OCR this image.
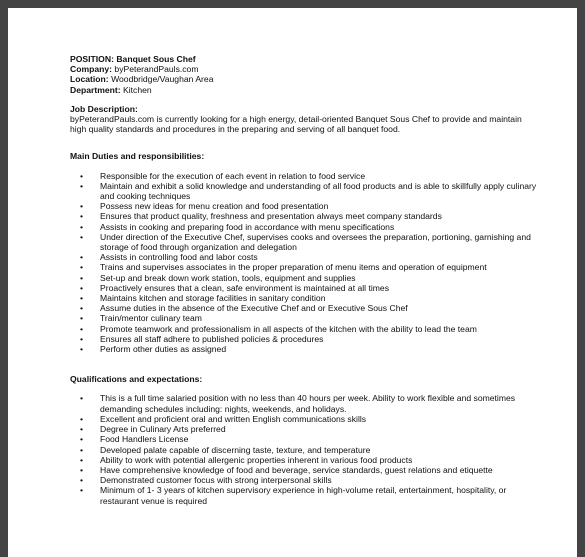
POSITION: Banquet Sous Chef
Company: byPeterandPauls.com
Location: Woodbridge/Vaughan Area
Department: Kitchen
Job Description:
byPeterandPauls.com is currently looking for a high energy, detail-oriented Banquet Sous Chef to provide and maintain high quality standards and procedures in the preparing and serving of all banquet food.
Main Duties and responsibilities:
• Responsible for the execution of each event in relation to food service
• Maintain and exhibit a solid knowledge and understanding of all food products and is able to skillfully apply culinary and cooking techniques
• Possess new ideas for menu creation and food presentation
• Ensures that product quality, freshness and presentation always meet company standards
• Assists in cooking and preparing food in accordance with menu specifications
• Under direction of the Executive Chef, supervises cooks and oversees the preparation, portioning, garnishing and storage of food through organization and delegation
• Assists in controlling food and labor costs
• Trains and supervises associates in the proper preparation of menu items and operation of equipment
• Set-up and break down work station, tools, equipment and supplies
• Proactively ensures that a clean, safe environment is maintained at all times
• Maintains kitchen and storage facilities in sanitary condition
• Assume duties in the absence of the Executive Chef and or Executive Sous Chef
• Train/mentor culinary team
• Promote teamwork and professionalism in all aspects of the kitchen with the ability to lead the team
• Ensures all staff adhere to published policies & procedures
• Perform other duties as assigned
Qualifications and expectations:
• This is a full time salaried position with no less than 40 hours per week. Ability to work flexible and sometimes demanding schedules including: nights, weekends, and holidays.
• Excellent and proficient oral and written English communications skills
• Degree in Culinary Arts preferred
• Food Handlers License
• Developed palate capable of discerning taste, texture, and temperature
• Ability to work with potential allergenic properties inherent in various food products
• Have comprehensive knowledge of food and beverage, service standards, guest relations and etiquette
• Demonstrated customer focus with strong interpersonal skills
• Minimum of 1- 3 years of kitchen supervisory experience in high-volume retail, entertainment, hospitality, or restaurant venue is required
